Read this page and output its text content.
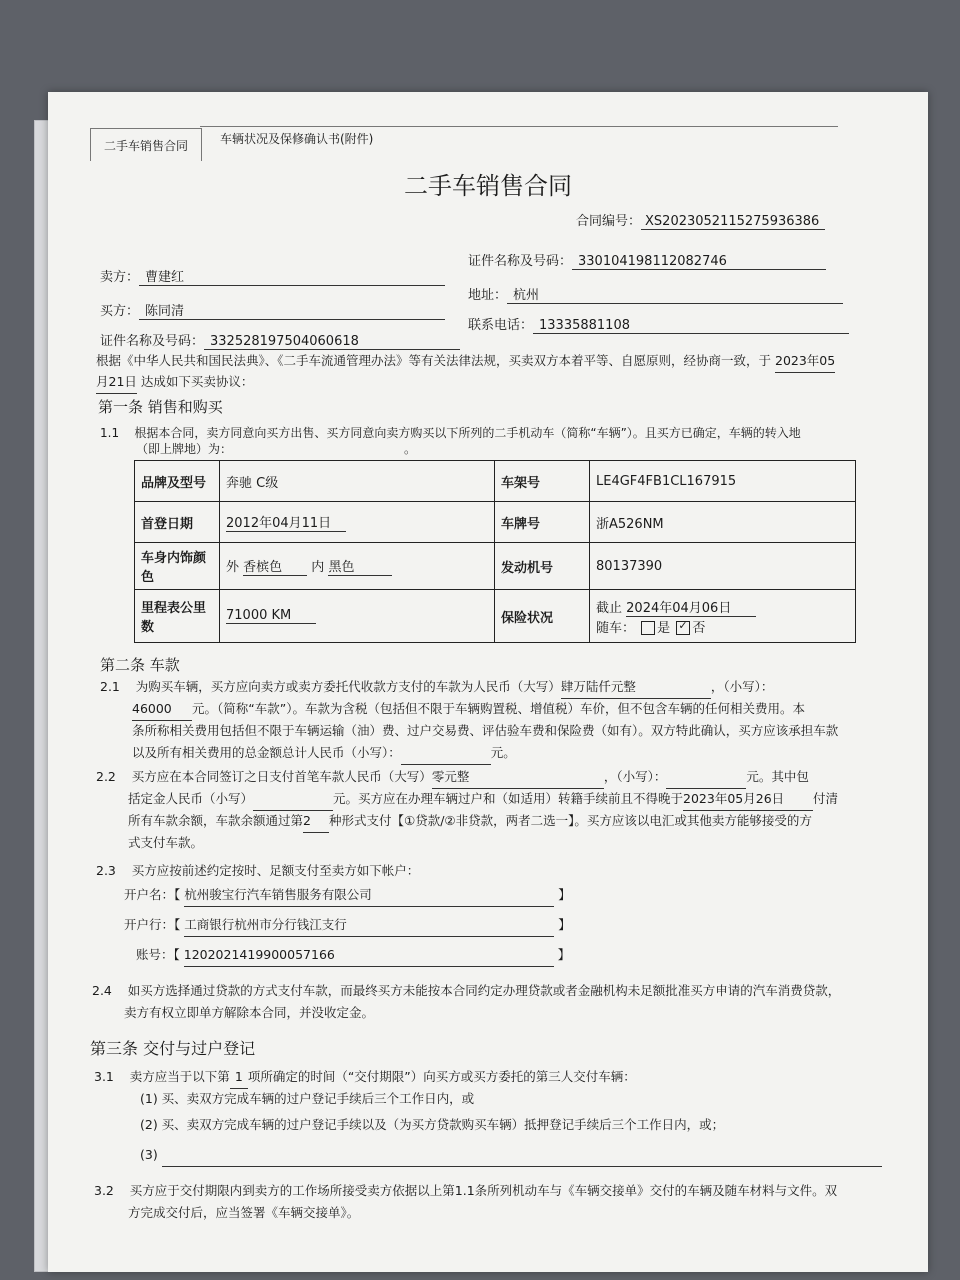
二手车销售合同	车辆状况及保修确认书(附件)
二手车销售合同
合同编号： XS2023052115275936386
卖方： 曹建红
证件名称及号码： 330104198112082746
买方： 陈同清
地址： 杭州
证件名称及号码： 332528197504060618
联系电话： 13335881108
根据《中华人民共和国民法典》、《二手车流通管理办法》等有关法律法规，买卖双方本着平等、自愿原则，经协商一致，于 2023年05
月21日 达成如下买卖协议：
第一条 销售和购买
1.1 根据本合同，卖方同意向买方出售、买方同意向卖方购买以下所列的二手机动车（简称“车辆”）。且买方已确定，车辆的转入地
（即上牌地）为：	。
品牌及型号	奔驰 C级	车架号	LE4GF4FB1CL167915
首登日期	2012年04月11日	车牌号	浙A526NM
车身内饰颜色	外 香槟色 内 黑色	发动机号	80137390
里程表公里数	71000 KM	保险状况	截止 2024年04月06日
随车： 是 ✓ 否
第二条 车款
2.1 为购买车辆，买方应向卖方或卖方委托代收款方支付的车款为人民币（大写）肆万陆仟元整	，（小写）：
46000 元。（简称“车款”）。车款为含税（包括但不限于车辆购置税、增值税）车价，但不包含车辆的任何相关费用。本
条所称相关费用包括但不限于车辆运输（油）费、过户交易费、评估验车费和保险费（如有）。双方特此确认，买方应该承担车款
以及所有相关费用的总金额总计人民币（小写）：	元。
2.2 买方应在本合同签订之日支付首笔车款人民币（大写）零元整	，（小写）：	元。其中包
括定金人民币（小写）	元。买方应在办理车辆过户和（如适用）转籍手续前且不得晚于2023年05月26日 付清
所有车款余额，车款余额通过第2 种形式支付【①贷款/②非贷款，两者二选一】。买方应该以电汇或其他卖方能够接受的方
式支付车款。
2.3 买方应按前述约定按时、足额支付至卖方如下帐户：
开户名：【 杭州骏宝行汽车销售服务有限公司	】
开户行：【 工商银行杭州市分行钱江支行	】
账号：【 1202021419900057166	】
2.4 如买方选择通过贷款的方式支付车款，而最终买方未能按本合同约定办理贷款或者金融机构未足额批准买方申请的汽车消费贷款，
卖方有权立即单方解除本合同，并没收定金。
第三条 交付与过户登记
3.1 卖方应当于以下第 1 项所确定的时间（“交付期限”）向买方或买方委托的第三人交付车辆：
(1) 买、卖双方完成车辆的过户登记手续后三个工作日内，或
(2) 买、卖双方完成车辆的过户登记手续以及（为买方贷款购买车辆）抵押登记手续后三个工作日内，或；
(3)
3.2 买方应于交付期限内到卖方的工作场所接受卖方依据以上第1.1条所列机动车与《车辆交接单》交付的车辆及随车材料与文件。双
方完成交付后，应当签署《车辆交接单》。
